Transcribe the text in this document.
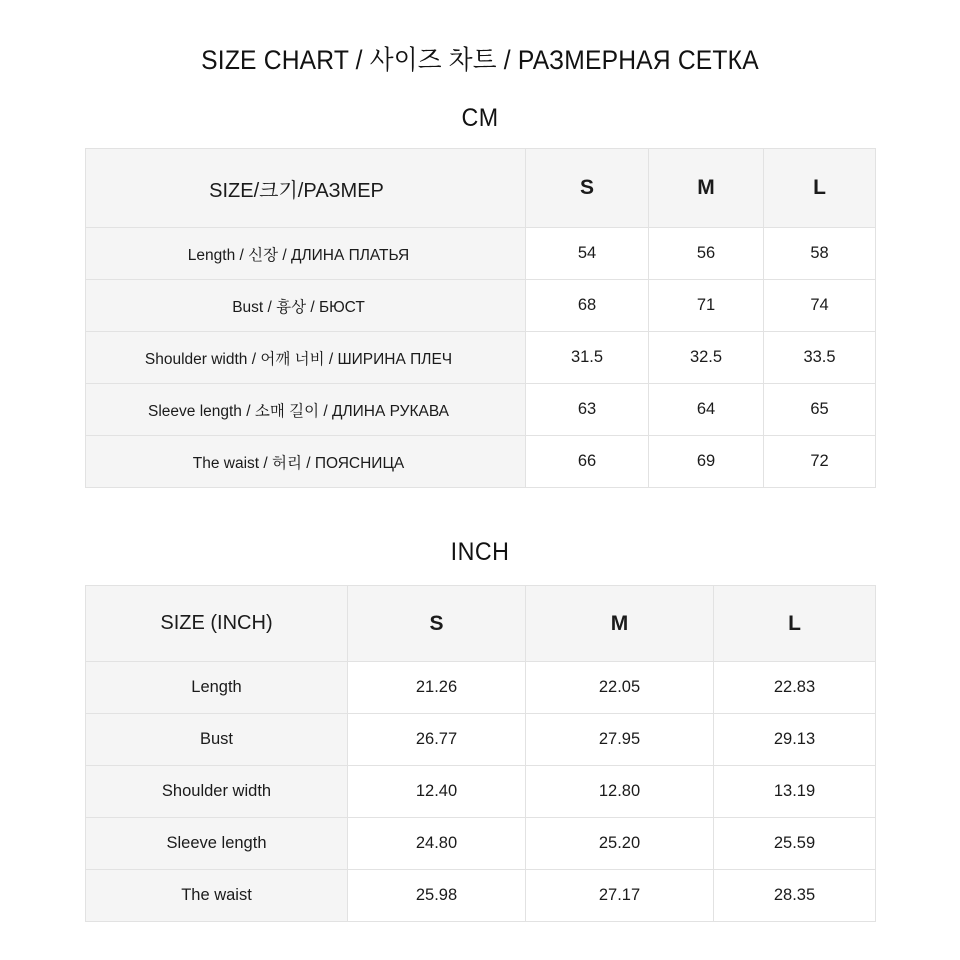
SIZE CHART / 사이즈 차트 / РАЗМЕРНАЯ СЕТКА
CM
SIZE/크기/РАЗМЕР	S	M	L
Length / 신장 / ДЛИНА ПЛАТЬЯ	54	56	58
Bust / 흉상 / БЮСТ	68	71	74
Shoulder width / 어깨 너비 / ШИРИНА ПЛЕЧ	31.5	32.5	33.5
Sleeve length / 소매 길이 / ДЛИНА РУКАВА	63	64	65
The waist / 허리 / ПОЯСНИЦА	66	69	72
INCH
SIZE (INCH)	S	M	L
Length	21.26	22.05	22.83
Bust	26.77	27.95	29.13
Shoulder width	12.40	12.80	13.19
Sleeve length	24.80	25.20	25.59
The waist	25.98	27.17	28.35
